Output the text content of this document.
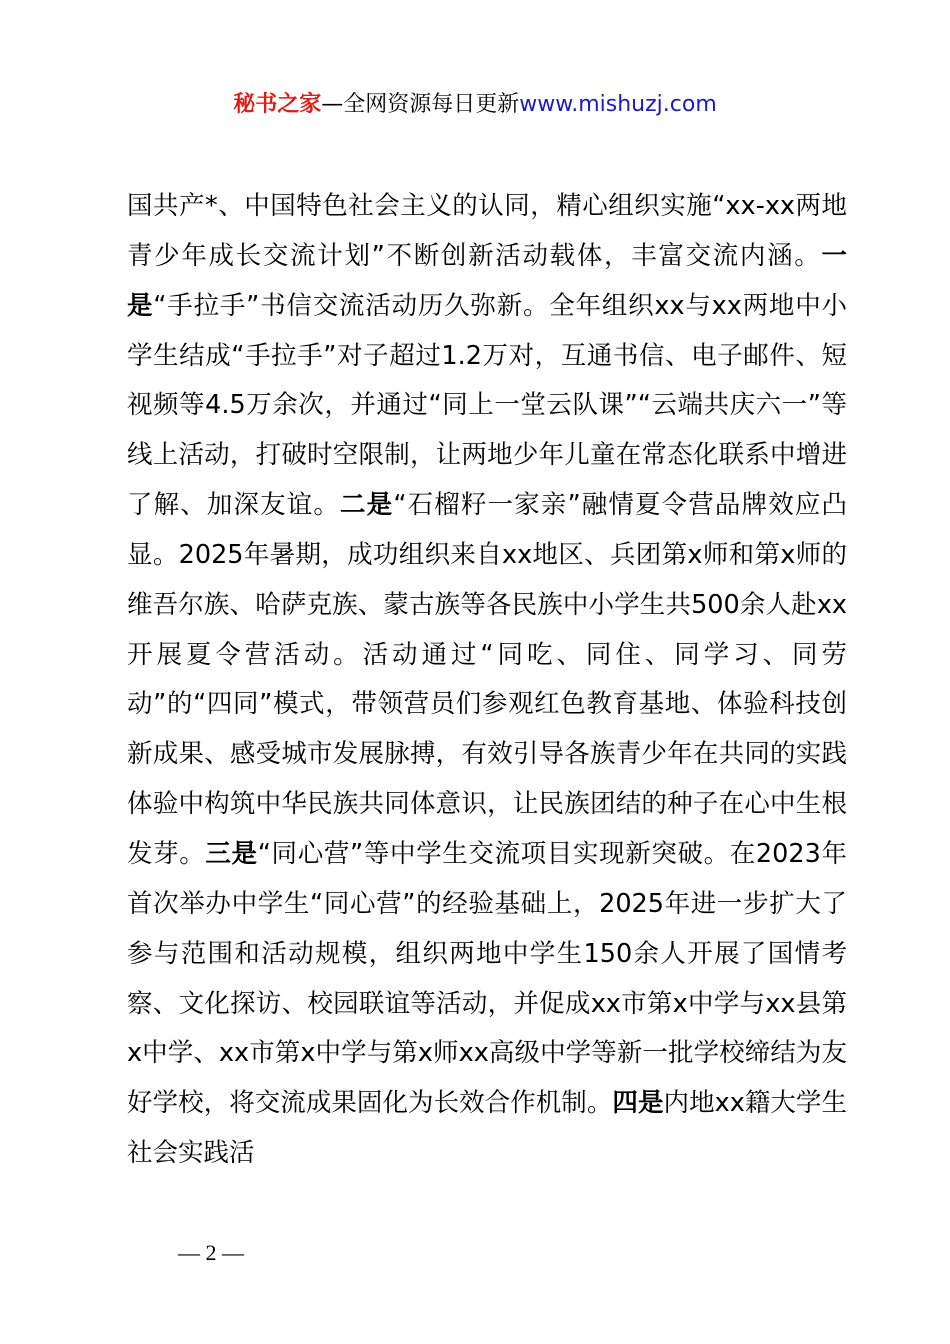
秘书之家—全网资源每日更新www.mishuzj.com

国共产*、中国特色社会主义的认同，精心组织实施“xx-xx两地青少年成长交流计划”不断创新活动载体，丰富交流内涵。一是“手拉手”书信交流活动历久弥新。全年组织xx与xx两地中小学生结成“手拉手”对子超过1.2万对，互通书信、电子邮件、短视频等4.5万余次，并通过“同上一堂云队课”“云端共庆六一”等线上活动，打破时空限制，让两地少年儿童在常态化联系中增进了解、加深友谊。二是“石榴籽一家亲”融情夏令营品牌效应凸显。2025年暑期，成功组织来自xx地区、兵团第x师和第x师的维吾尔族、哈萨克族、蒙古族等各民族中小学生共500余人赴xx开展夏令营活动。活动通过“同吃、同住、同学习、同劳动”的“四同”模式，带领营员们参观红色教育基地、体验科技创新成果、感受城市发展脉搏，有效引导各族青少年在共同的实践体验中构筑中华民族共同体意识，让民族团结的种子在心中生根发芽。三是“同心营”等中学生交流项目实现新突破。在2023年首次举办中学生“同心营”的经验基础上，2025年进一步扩大了参与范围和活动规模，组织两地中学生150余人开展了国情考察、文化探访、校园联谊等活动，并促成xx市第x中学与xx县第x中学、xx市第x中学与第x师xx高级中学等新一批学校缔结为友好学校，将交流成果固化为长效合作机制。四是内地xx籍大学生社会实践活

— 2 —
